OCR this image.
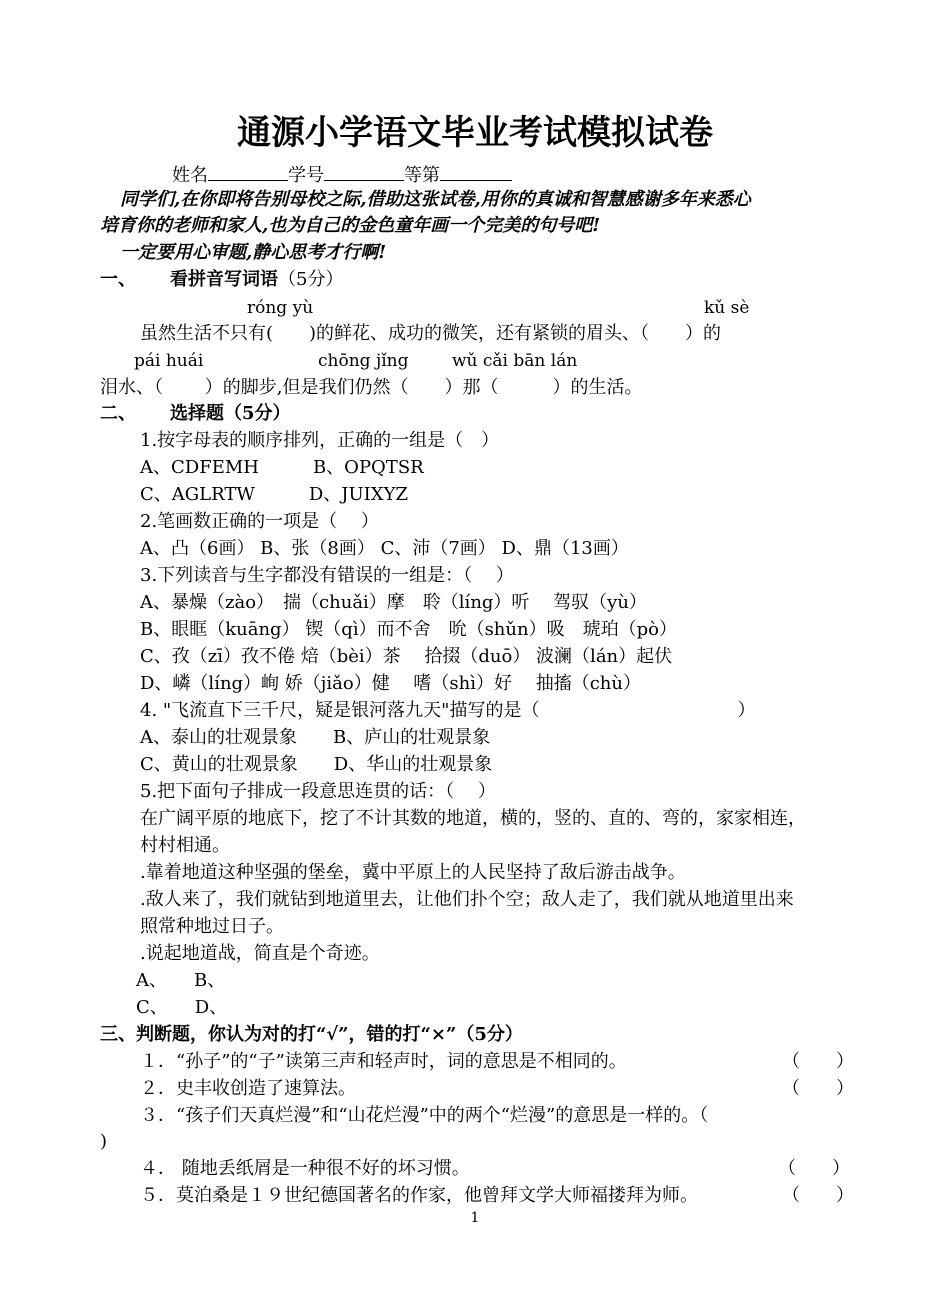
通源小学语文毕业考试模拟试卷
姓名	学号	等第
同学们,在你即将告别母校之际,借助这张试卷,用你的真诚和智慧感谢多年来悉心
培育你的老师和家人,也为自己的金色童年画一个完美的句号吧!
一定要用心审题,静心思考才行啊!
一、 看拼音写词语（5分）
róng yù	kǔ sè
虽然生活不只有(　　)的鲜花、成功的微笑，还有紧锁的眉头、（　　）的
pái huái	chōng jǐng	wǔ cǎi bān lán
泪水、（　　 ）的脚步,但是我们仍然（　　）那（　　　）的生活。
二、 选择题（5分）
1.按字母表的顺序排列，正确的一组是（　）
A、CDFEMH　　　B、OPQTSR
C、AGLRTW　　　D、JUIXYZ
2.笔画数正确的一项是（　 ）
A、凸（6画） B、张（8画） C、沛（7画） D、鼎（13画）
3.下列读音与生字都没有错误的一组是：（　 ）
A、暴燥（zào）　揣（chuǎi）摩　聆（líng）听　 驾驭（yù）
B、眼眶（kuāng） 锲（qì）而不舍　吮（shǔn）吸　琥珀（pò）
C、孜（zī）孜不倦 焙（bèi）茶　 拾掇（duō） 波澜（lán）起伏
D、嶙（líng）峋 娇（jiǎo）健　 嗜（shì）好　 抽搐（chù）
4. "飞流直下三千尺，疑是银河落九天"描写的是（　　　　　　　　　　　）
A、泰山的壮观景象　　B、庐山的壮观景象
C、黄山的壮观景象　　D、华山的壮观景象
5.把下面句子排成一段意思连贯的话：（　 ）
在广阔平原的地底下，挖了不计其数的地道，横的，竖的、直的、弯的，家家相连，
村村相通。
.靠着地道这种坚强的堡垒，冀中平原上的人民坚持了敌后游击战争。
.敌人来了，我们就钻到地道里去，让他们扑个空；敌人走了，我们就从地道里出来
照常种地过日子。
.说起地道战，简直是个奇迹。
A、　　B、
C、　　D、
三、判断题，你认为对的打“√”，错的打“×”（5分）
１．“孙子”的“子”读第三声和轻声时，词的意思是不相同的。	（　　）
２．史丰收创造了速算法。	（　　）
３．“孩子们天真烂漫”和“山花烂漫”中的两个“烂漫”的意思是一样的。（
)
４． 随地丢纸屑是一种很不好的坏习惯。	（　　）
５．莫泊桑是１９世纪德国著名的作家，他曾拜文学大师福搂拜为师。	（　　）
1
